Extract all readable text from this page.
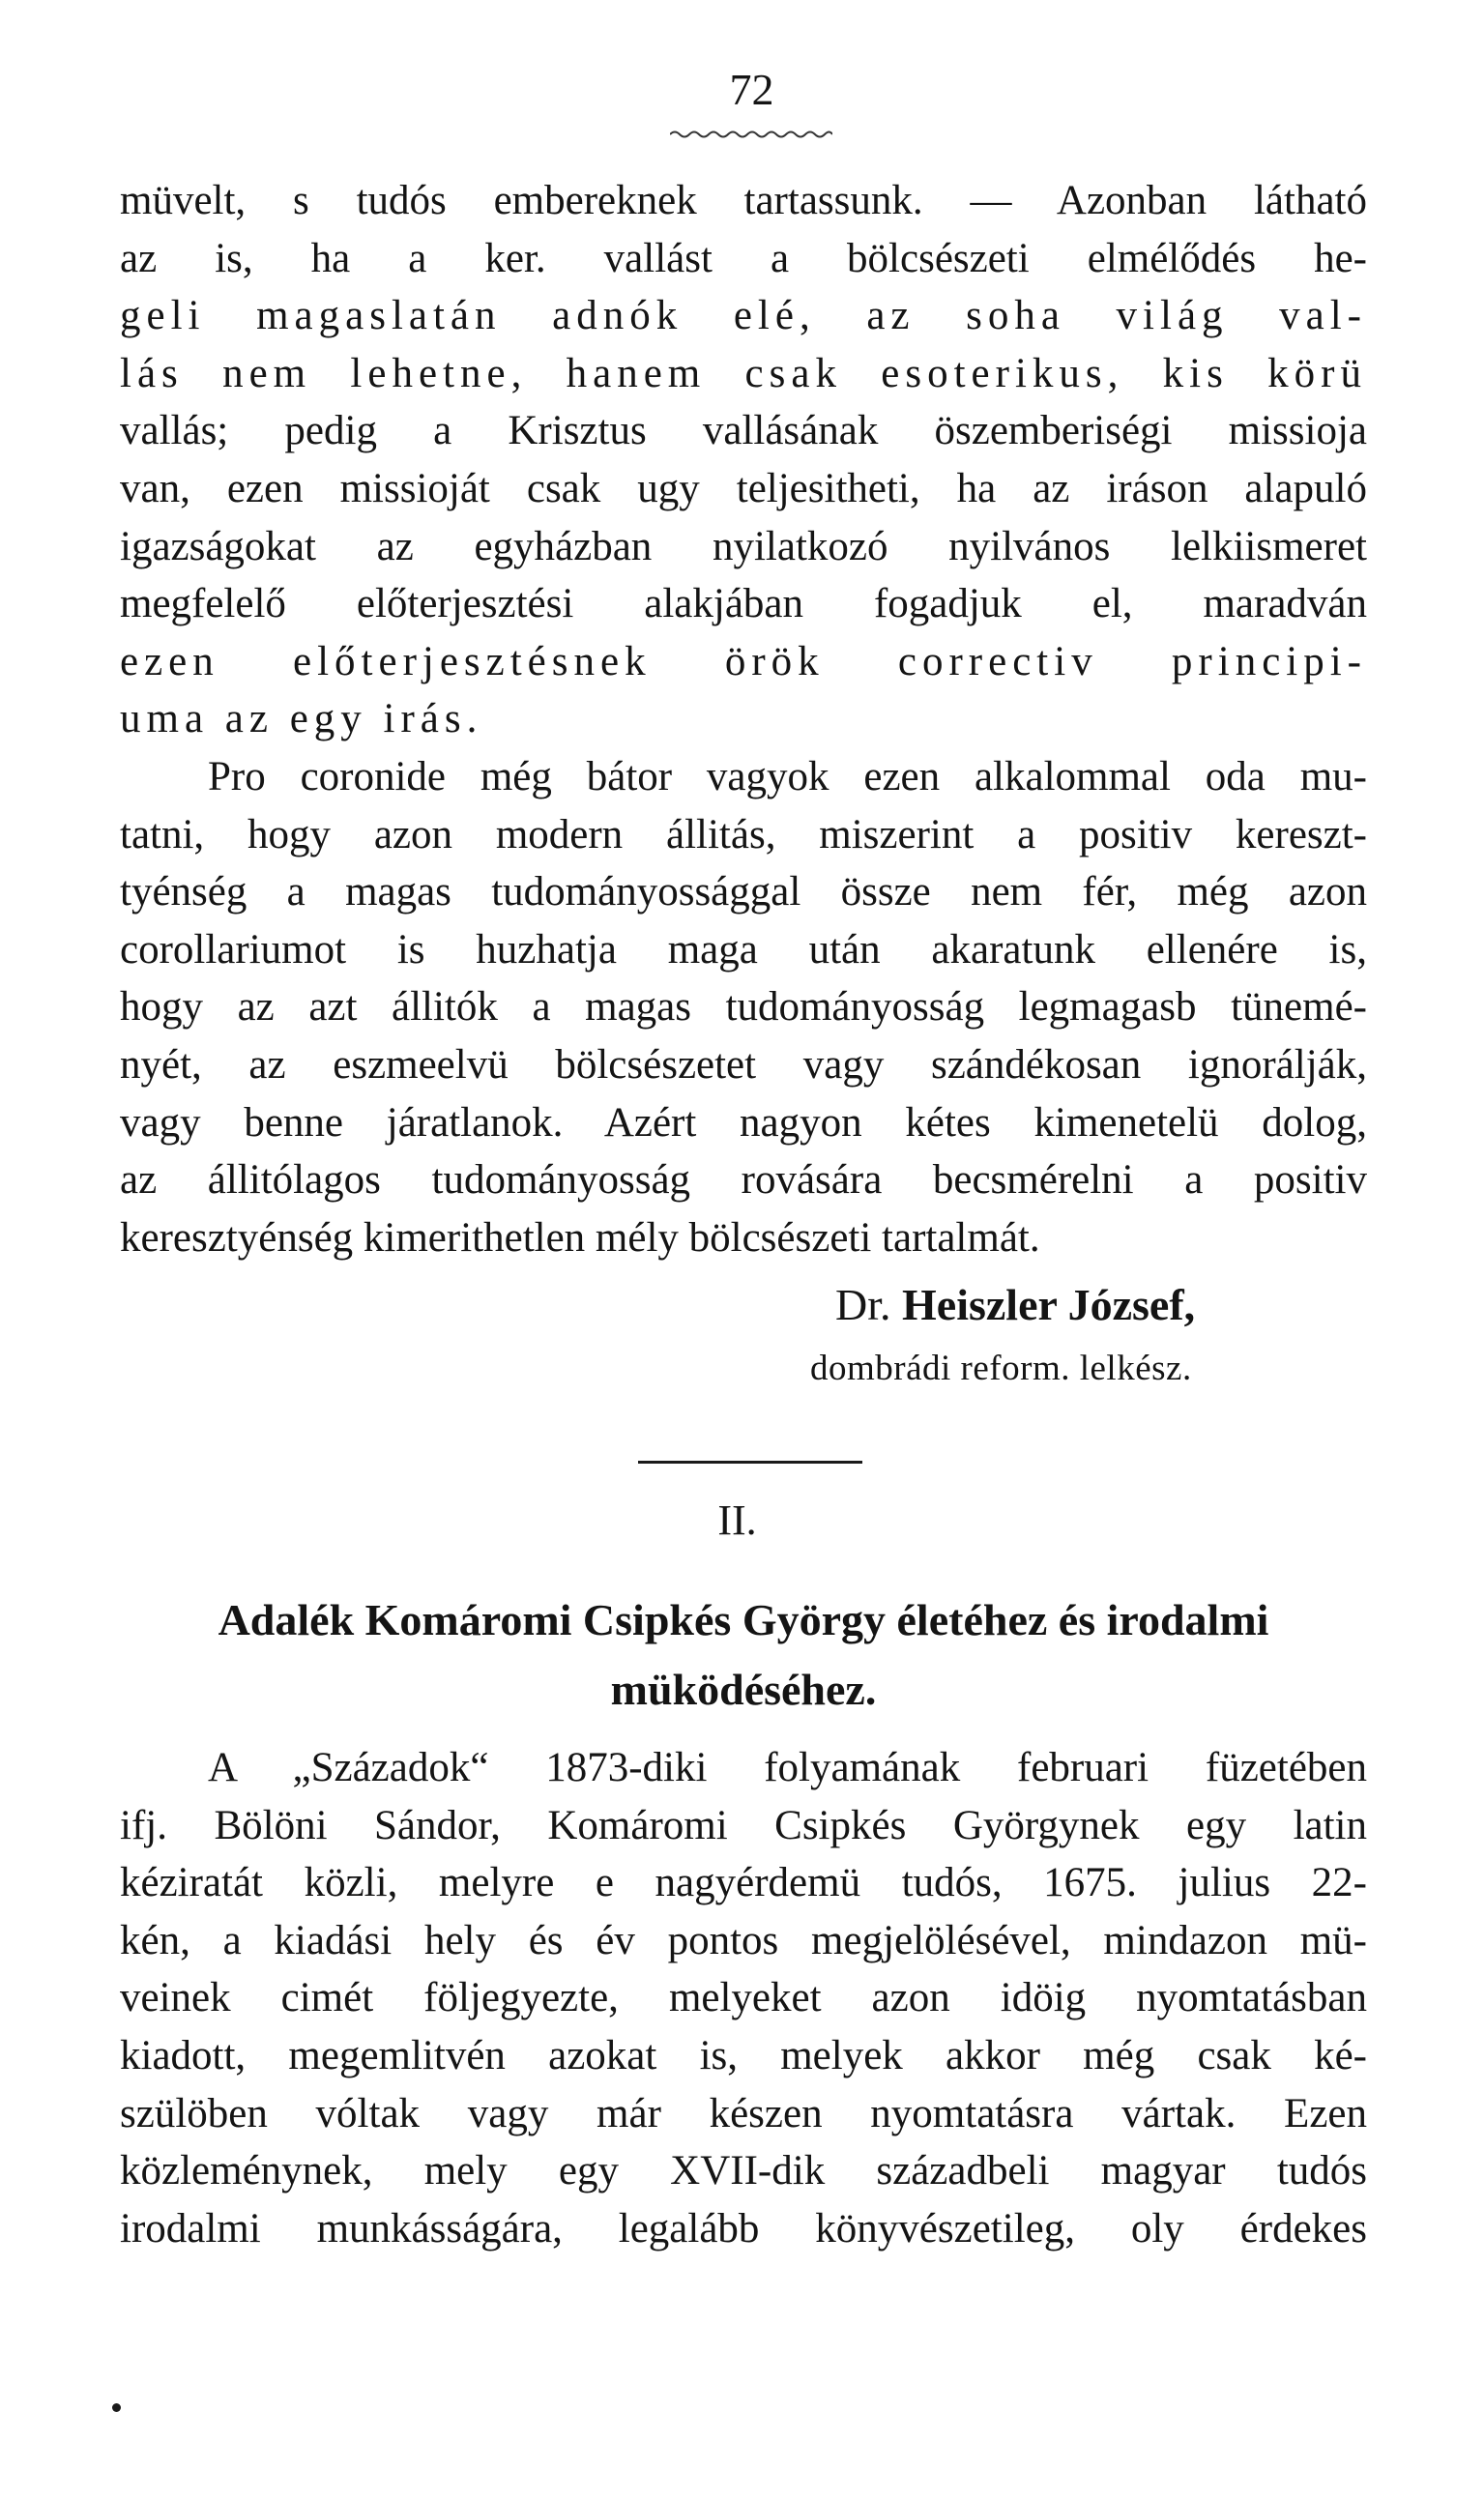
72
müvelt, s tudós embereknek tartassunk. — Azonban látható
az is, ha a ker. vallást a bölcsészeti elmélődés he-
geli magaslatán adnók elé, az soha világ val-
lás nem lehetne, hanem csak esoterikus, kis körü
vallás; pedig a Krisztus vallásának öszemberiségi missioja
van, ezen missioját csak ugy teljesitheti, ha az iráson alapuló
igazságokat az egyházban nyilatkozó nyilvános lelkiismeret
megfelelő előterjesztési alakjában fogadjuk el, maradván
ezen előterjesztésnek örök correctiv principi-
uma az egy irás.
Pro coronide még bátor vagyok ezen alkalommal oda mu-
tatni, hogy azon modern állitás, miszerint a positiv kereszt-
tyénség a magas tudományossággal össze nem fér, még azon
corollariumot is huzhatja maga után akaratunk ellenére is,
hogy az azt állitók a magas tudományosság legmagasb tünemé-
nyét, az eszmeelvü bölcsészetet vagy szándékosan ignorálják,
vagy benne járatlanok. Azért nagyon kétes kimenetelü dolog,
az állitólagos tudományosság rovására becsmérelni a positiv
keresztyénség kimerithetlen mély bölcsészeti tartalmát.
Dr. Heiszler József,
dombrádi reform. lelkész.
II.
Adalék Komáromi Csipkés György életéhez és irodalmi
müködéséhez.
A „Századok“ 1873-diki folyamának februari füzetében
ifj. Bölöni Sándor, Komáromi Csipkés Györgynek egy latin
kéziratát közli, melyre e nagyérdemü tudós, 1675. julius 22-
kén, a kiadási hely és év pontos megjelölésével, mindazon mü-
veinek cimét följegyezte, melyeket azon idöig nyomtatásban
kiadott, megemlitvén azokat is, melyek akkor még csak ké-
szülöben vóltak vagy már készen nyomtatásra vártak. Ezen
közleménynek, mely egy XVII-dik századbeli magyar tudós
irodalmi munkásságára, legalább könyvészetileg, oly érdekes
